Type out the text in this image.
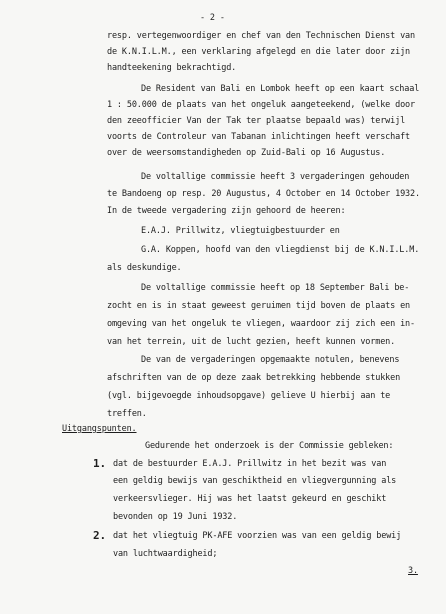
- 2 -
resp. vertegenwoordiger en chef van den Technischen Dienst van
de K.N.I.L.M., een verklaring afgelegd en die later door zijn
handteekening bekrachtigd.
De Resident van Bali en Lombok heeft op een kaart schaal
1 : 50.000 de plaats van het ongeluk aangeteekend, (welke door
den zeeofficier Van der Tak ter plaatse bepaald was) terwijl
voorts de Controleur van Tabanan inlichtingen heeft verschaft
over de weersomstandigheden op Zuid-Bali op 16 Augustus.
De voltallige commissie heeft 3 vergaderingen gehouden
te Bandoeng op resp. 20 Augustus, 4 October en 14 October 1932.
In de tweede vergadering zijn gehoord de heeren:
E.A.J. Prillwitz, vliegtuigbestuurder en
G.A. Koppen, hoofd van den vliegdienst bij de K.N.I.L.M.
als deskundige.
De voltallige commissie heeft op 18 September Bali be-
zocht en is in staat geweest geruimen tijd boven de plaats en
omgeving van het ongeluk te vliegen, waardoor zij zich een in-
van het terrein, uit de lucht gezien, heeft kunnen vormen.
De van de vergaderingen opgemaakte notulen, benevens
afschriften van de op deze zaak betrekking hebbende stukken
(vgl. bijgevoegde inhoudsopgave) gelieve U hierbij aan te
treffen.
Uitgangspunten.
Gedurende het onderzoek is der Commissie gebleken:
1. dat de bestuurder E.A.J. Prillwitz in het bezit was van
een geldig bewijs van geschiktheid en vliegvergunning als
verkeersvlieger. Hij was het laatst gekeurd en geschikt
bevonden op 19 Juni 1932.
2. dat het vliegtuig PK-AFE voorzien was van een geldig bewij
van luchtwaardigheid;
3.
